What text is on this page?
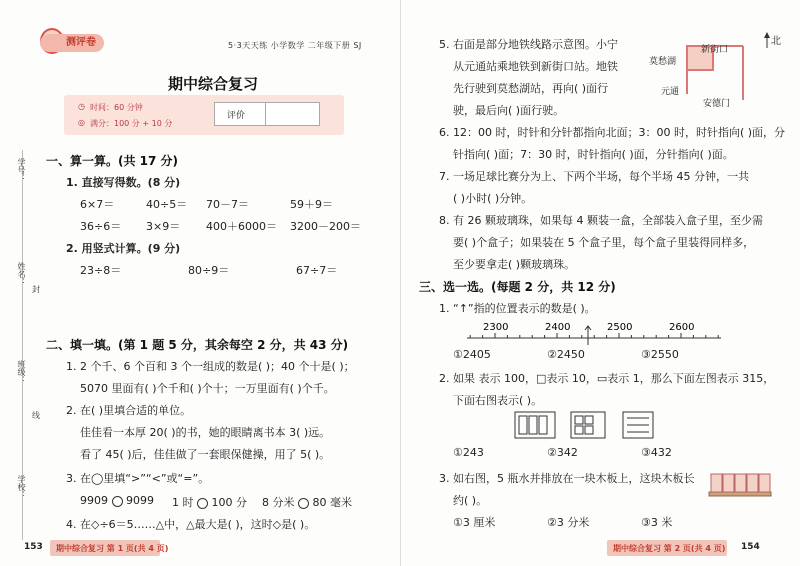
测评卷	5·3天天练 小学数学 二年级下册 SJ
期中综合复习
◷ 时间：60 分钟
◎ 满分：100 分 + 10 分
评价
学号：
姓名：
封
班级：
线
学校：
一、算一算。(共 17 分)
1. 直接写得数。(8 分)
6×7＝	40÷5＝ 70－7＝	59＋9＝
36÷6＝ 3×9＝ 400＋6000＝ 3200－200＝
2. 用竖式计算。(9 分)
23÷8＝	80÷9＝	67÷7＝
二、填一填。(第 1 题 5 分，其余每空 2 分，共 43 分)
1. 2 个千、6 个百和 3 个一组成的数是( )；40 个十是( )；
5070 里面有( )个千和( )个十；一万里面有( )个千。
2. 在( )里填合适的单位。
佳佳看一本厚 20( )的书，她的眼睛离书本 3( )远。
看了 45( )后，佳佳做了一套眼保健操，用了 5( )。
3. 在◯里填“>”“<”或“=”。
9909 9099 1 时 100 分 8 分米 80 毫米
4. 在◇÷6＝5……△中，△最大是( )，这时◇是( )。
153 期中综合复习 第 1 页(共 4 页)
5. 右面是部分地铁线路示意图。小宁
从元通站乘地铁到新街口站。地铁
先行驶到莫愁湖站，再向( )面行
驶，最后向( )面行驶。
北
莫愁湖
新街口
元通
安德门
6. 12：00 时，时针和分针都指向北面；3：00 时，时针指向( )面，分
针指向( )面；7：30 时，时针指向( )面，分针指向( )面。
7. 一场足球比赛分为上、下两个半场，每个半场 45 分钟，一共
( )小时( )分钟。
8. 有 26 颗玻璃珠，如果每 4 颗装一盒，全部装入盒子里，至少需
要( )个盒子；如果装在 5 个盒子里，每个盒子里装得同样多，
至少要拿走( )颗玻璃珠。
三、选一选。(每题 2 分，共 12 分)
1. “↑”指的位置表示的数是( )。
2300	2400	2500	2600
①2405	②2450	③2550
2. 如果 表示 100，□表示 10，▭表示 1，那么下面左图表示 315，
下面右图表示( )。
①243	②342	③432
3. 如右图，5 瓶水并排放在一块木板上，这块木板长
约( )。
①3 厘米	②3 分米	③3 米
期中综合复习 第 2 页(共 4 页) 154
